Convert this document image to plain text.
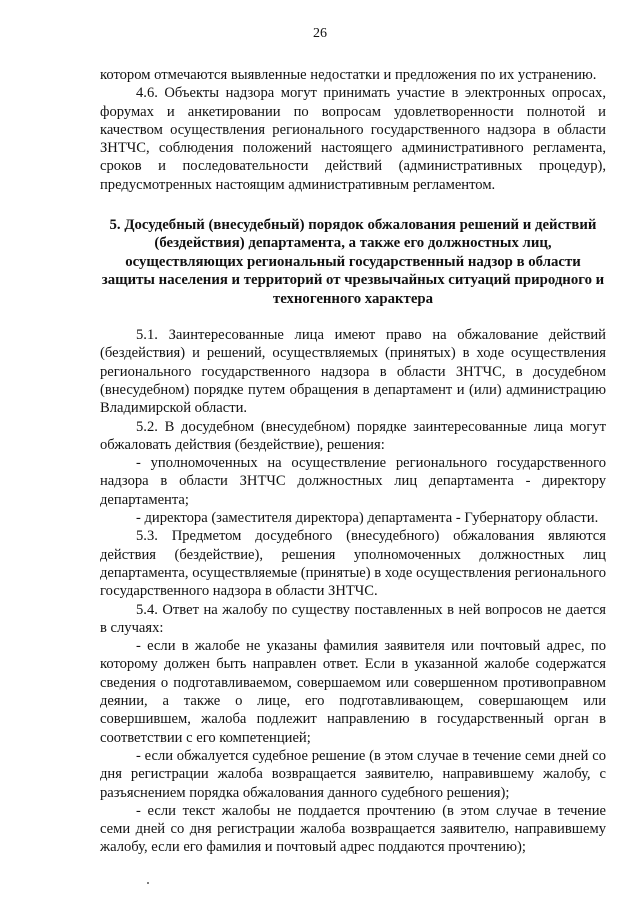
26

котором отмечаются выявленные недостатки и предложения по их устранению.

4.6. Объекты надзора могут принимать участие в электронных опросах, форумах и анкетировании по вопросам удовлетворенности полнотой и качеством осуществления регионального государственного надзора в области ЗНТЧС, соблюдения положений настоящего административного регламента, сроков и последовательности действий (административных процедур), предусмотренных настоящим административным регламентом.

5. Досудебный (внесудебный) порядок обжалования решений и действий (бездействия) департамента, а также его должностных лиц, осуществляющих региональный государственный надзор в области защиты населения и территорий от чрезвычайных ситуаций природного и техногенного характера

5.1. Заинтересованные лица имеют право на обжалование действий (бездействия) и решений, осуществляемых (принятых) в ходе осуществления регионального государственного надзора в области ЗНТЧС, в досудебном (внесудебном) порядке путем обращения в департамент и (или) администрацию Владимирской области.

5.2. В досудебном (внесудебном) порядке заинтересованные лица могут обжаловать действия (бездействие), решения:

- уполномоченных на осуществление регионального государственного надзора в области ЗНТЧС должностных лиц департамента - директору департамента;

- директора (заместителя директора) департамента - Губернатору области.

5.3. Предметом досудебного (внесудебного) обжалования являются действия (бездействие), решения уполномоченных должностных лиц департамента, осуществляемые (принятые) в ходе осуществления регионального государственного надзора в области ЗНТЧС.

5.4. Ответ на жалобу по существу поставленных в ней вопросов не дается в случаях:

- если в жалобе не указаны фамилия заявителя или почтовый адрес, по которому должен быть направлен ответ. Если в указанной жалобе содержатся сведения о подготавливаемом, совершаемом или совершенном противоправном деянии, а также о лице, его подготавливающем, совершающем или совершившем, жалоба подлежит направлению в государственный орган в соответствии с его компетенцией;

- если обжалуется судебное решение (в этом случае в течение семи дней со дня регистрации жалоба возвращается заявителю, направившему жалобу, с разъяснением порядка обжалования данного судебного решения);

- если текст жалобы не поддается прочтению (в этом случае в течение семи дней со дня регистрации жалоба возвращается заявителю, направившему жалобу, если его фамилия и почтовый адрес поддаются прочтению);
